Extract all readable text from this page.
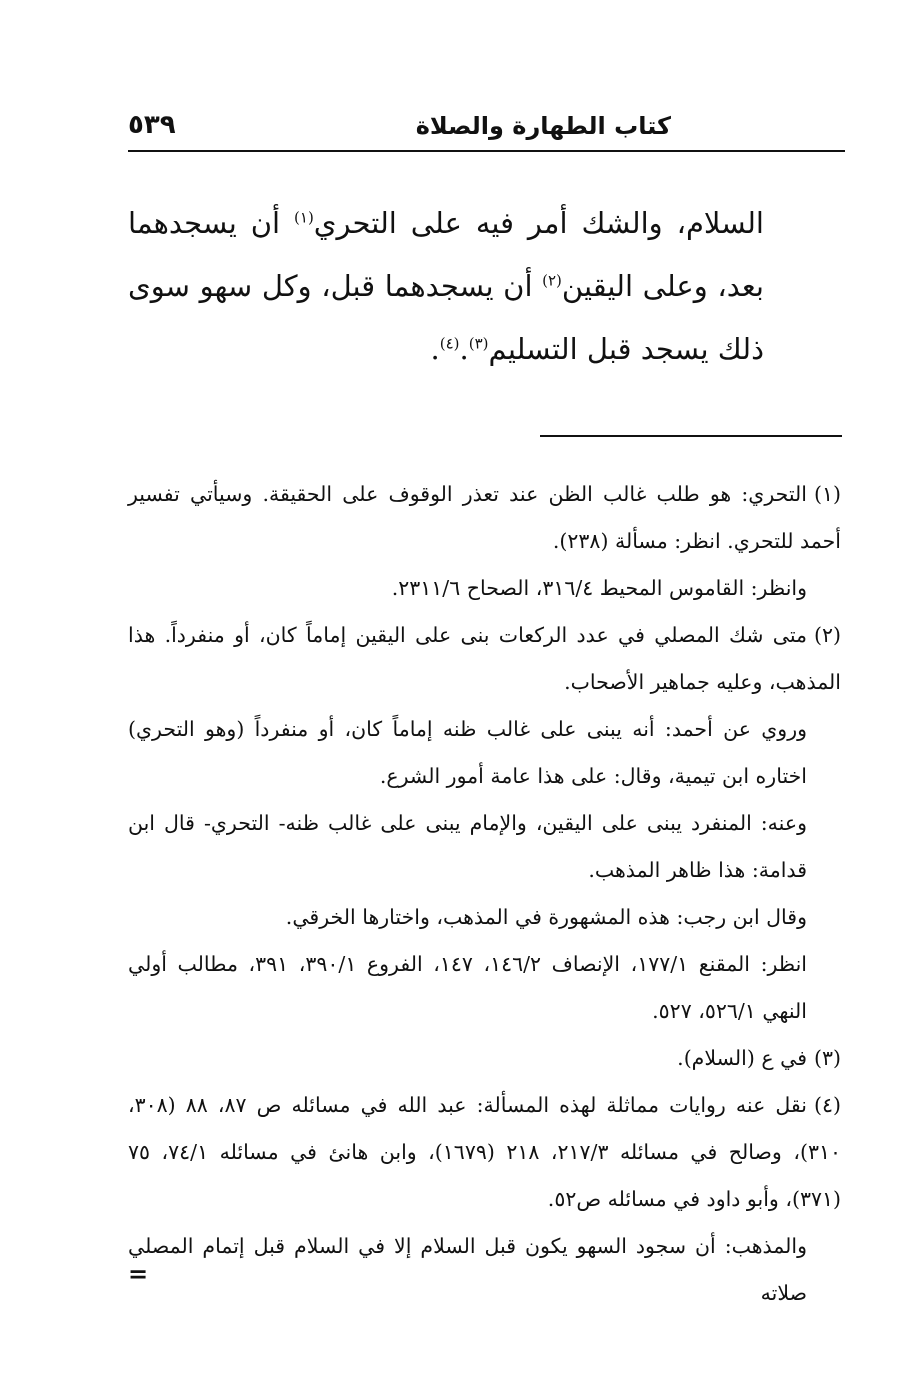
كتاب الطهارة والصلاة
٥٣٩

السلام، والشك أمر فيه على التحري$^{(١)}$ أن يسجدهما بعد، وعلى اليقين$^{(٢)}$ أن يسجدهما قبل، وكل سهو سوى ذلك يسجد قبل التسليم$^{(٣)}$.$^{(٤)}$.

(١)التحري: هو طلب غالب الظن عند تعذر الوقوف على الحقيقة. وسيأتي تفسير أحمد للتحري. انظر: مسألة (٢٣٨).

وانظر: القاموس المحيط ٣١٦/٤، الصحاح ٢٣١١/٦.

(٢)متى شك المصلي في عدد الركعات بنى على اليقين إماماً كان، أو منفرداً. هذا المذهب، وعليه جماهير الأصحاب.

وروي عن أحمد: أنه يبنى على غالب ظنه إماماً كان، أو منفرداً (وهو التحري) اختاره ابن تيمية، وقال: على هذا عامة أمور الشرع.

وعنه: المنفرد يبنى على اليقين، والإمام يبنى على غالب ظنه- التحري- قال ابن قدامة: هذا ظاهر المذهب.

وقال ابن رجب: هذه المشهورة في المذهب، واختارها الخرقي.

انظر: المقنع ١٧٧/١، الإنصاف ١٤٦/٢، ١٤٧، الفروع ٣٩٠/١، ٣٩١، مطالب أولي النهي ٥٢٦/١، ٥٢٧.

(٣)في ع (السلام).

(٤)نقل عنه روايات مماثلة لهذه المسألة: عبد الله في مسائله ص ٨٧، ٨٨ (٣٠٨، ٣١٠)، وصالح في مسائله ٢١٧/٣، ٢١٨ (١٦٧٩)، وابن هانئ في مسائله ٧٤/١، ٧٥ (٣٧١)، وأبو داود في مسائله ص٥٢.

والمذهب: أن سجود السهو يكون قبل السلام إلا في السلام قبل إتمام المصلي صلاته

=
